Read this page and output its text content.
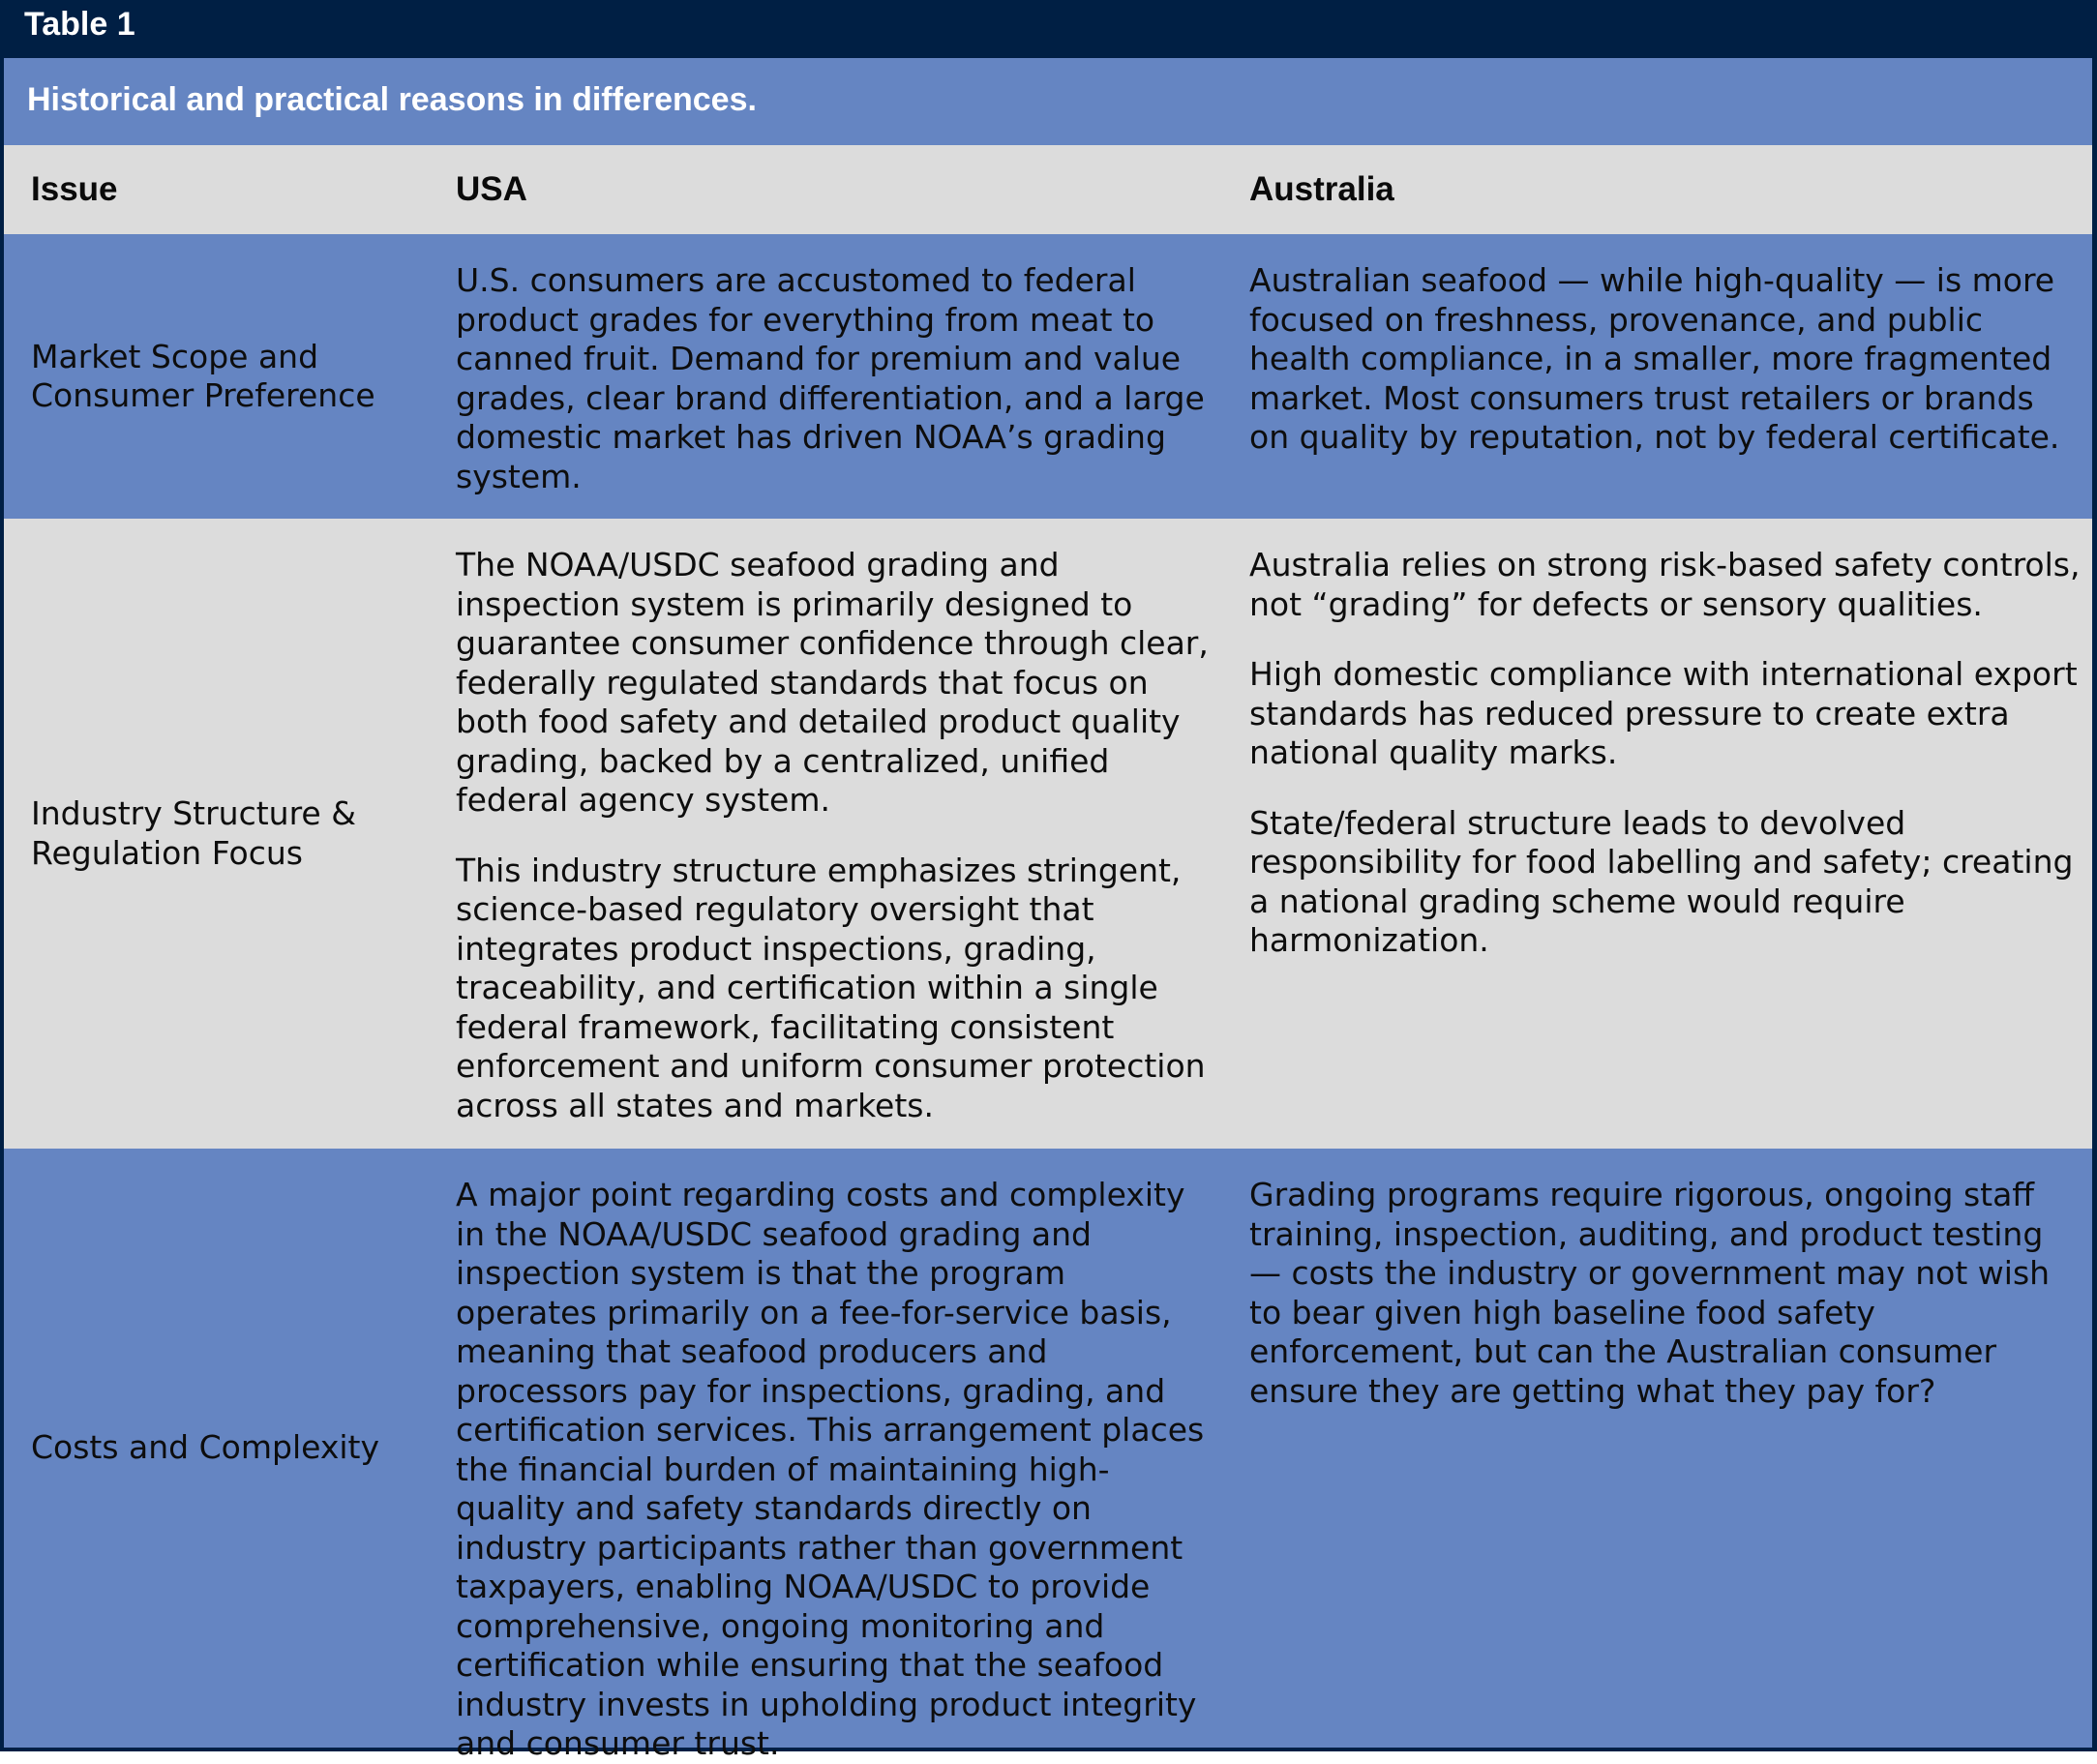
Table 1
Historical and practical reasons in differences.
Issue	USA	Australia

Market Scope and Consumer Preference

U.S. consumers are accustomed to federal product grades for everything from meat to canned fruit. Demand for premium and value grades, clear brand differentiation, and a large domestic market has driven NOAA’s grading system.

Australian seafood — while high-quality — is more focused on freshness, provenance, and public health compliance, in a smaller, more fragmented market. Most consumers trust retailers or brands on quality by reputation, not by federal certificate.

Industry Structure & Regulation Focus

The NOAA/USDC seafood grading and inspection system is primarily designed to guarantee consumer confidence through clear, federally regulated standards that focus on both food safety and detailed product quality grading, backed by a centralized, unified federal agency system.

This industry structure emphasizes stringent, science-based regulatory oversight that integrates product inspections, grading, traceability, and certification within a single federal framework, facilitating consistent enforcement and uniform consumer protection across all states and markets.

Australia relies on strong risk-based safety controls, not “grading” for defects or sensory qualities.

High domestic compliance with international export standards has reduced pressure to create extra national quality marks.

State/federal structure leads to devolved responsibility for food labelling and safety; creating a national grading scheme would require harmonization.

Costs and Complexity

A major point regarding costs and complexity in the NOAA/USDC seafood grading and inspection system is that the program operates primarily on a fee-for-service basis, meaning that seafood producers and processors pay for inspections, grading, and certification services. This arrangement places the financial burden of maintaining high-quality and safety standards directly on industry participants rather than government taxpayers, enabling NOAA/USDC to provide comprehensive, ongoing monitoring and certification while ensuring that the seafood industry invests in upholding product integrity and consumer trust.

Grading programs require rigorous, ongoing staff training, inspection, auditing, and product testing — costs the industry or government may not wish to bear given high baseline food safety enforcement, but can the Australian consumer ensure they are getting what they pay for?
